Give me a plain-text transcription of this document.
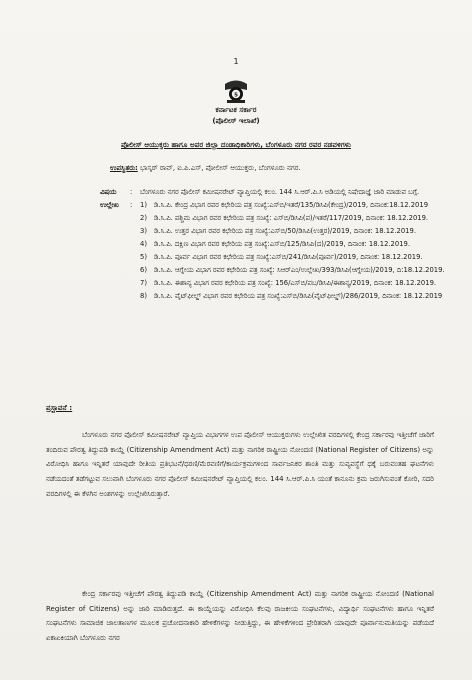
1
5
ಕರ್ನಾಟಕ ಸರ್ಕಾರ
(ಪೊಲೀಸ್ ಇಲಾಖೆ)
ಪೊಲೀಸ್ ಆಯುಕ್ತರು ಹಾಗೂ ಅಪರ ಜಿಲ್ಲಾ ದಂಡಾಧಿಕಾರಿಗಳು, ಬೆಂಗಳೂರು ನಗರ ರವರ ನಡವಳಿಗಳು
ಉಪಸ್ಥಿತರು: ಭಾಸ್ಕರ್ ರಾವ್, ಐ.ಪಿ.ಎಸ್, ಪೋಲೀಸ್ ಆಯುಕ್ತರು, ಬೆಂಗಳೂರು ನಗರ.
ವಿಷಯ	:	ಬೆಂಗಳೂರು ನಗರ ಪೊಲೀಸ್ ಕಮೀಷನರೇಟ್ ವ್ಯಾಪ್ತಿಯಲ್ಲಿ ಕಲಂ. 144 ಸಿ.ಆರ್.ಪಿ.ಸಿ ಅಡಿಯಲ್ಲಿ ನಿಷೇದಾಜ್ಞೆ ಜಾರಿ ಮಾಡುವ ಬಗ್ಗೆ.
ಉಲ್ಲೇಖ	:	1)	ಡಿ.ಸಿ.ಪಿ. ಕೇಂದ್ರ ವಿಭಾಗ ರವರ ಕಛೇರಿಯ ಪತ್ರ ಸಂಖ್ಯೆ:ಎಸ್‌ಬಿ/ಇತರೆ/135/ಡಿಸಿಪಿ(ಕೇಂದ್ರ)/2019, ದಿನಾಂಕ:18.12.2019
2)	ಡಿ.ಸಿ.ಪಿ. ಪಶ್ಚಿಮ ವಿಭಾಗ ರವರ ಕಛೇರಿಯ ಪತ್ರ ಸಂಖ್ಯೆ: ಎಸ್‌ಬಿ/ಡಿಸಿಪಿ(ಪ)/ಇತರೆ/117/2019, ದಿನಾಂಕ: 18.12.2019.
3)	ಡಿ.ಸಿ.ಪಿ. ಉತ್ತರ ವಿಭಾಗ ರವರ ಕಛೇರಿಯ ಪತ್ರ ಸಂಖ್ಯೆ:ಎಸ್‌ಬಿ/50/ಡಿಸಿಪಿ(ಉತ್ತರ)/2019, ದಿನಾಂಕ: 18.12.2019.
4)	ಡಿ.ಸಿ.ಪಿ. ದಕ್ಷಿಣ ವಿಭಾಗ ರವರ ಕಛೇರಿಯ ಪತ್ರ ಸಂಖ್ಯೆ:ಎಸ್‌ಬಿ/125/ಡಿಸಿಪಿ(ದ)/2019, ದಿನಾಂಕ: 18.12.2019.
5)	ಡಿ.ಸಿ.ಪಿ. ಪೂರ್ವ ವಿಭಾಗ ರವರ ಕಛೇರಿಯ ಪತ್ರ ಸಂಖ್ಯೆ:ಎಸ್‌ಬಿ/241/ಡಿಸಿಪಿ(ಪೂರ್ವ)/2019, ದಿನಾಂಕ: 18.12.2019.
6)	ಡಿ.ಸಿ.ಪಿ. ಆಗ್ನೇಯ ವಿಭಾಗ ರವರ ಕಛೇರಿಯ ಪತ್ರ ಸಂಖ್ಯೆ: ಸಿಆರ್‌ಎಂ/ಉಲ್ಲೇಖ/393/ಡಿಸಿಪಿ(ಆಗ್ನೇಯ)/2019, ದಿ:18.12.2019.
7)	ಡಿ.ಸಿ.ಪಿ. ಈಶಾನ್ಯ ವಿಭಾಗ ರವರ ಕಛೇರಿಯ ಪತ್ರ ಸಂಖ್ಯೆ: 156/ಎಸ್‌ಬಿ/ಪಬ/ಡಿಸಿಪಿ/ಈಶಾನ್ಯ/2019, ದಿನಾಂಕ: 18.12.2019.
8)	ಡಿ.ಸಿ.ಪಿ. ವೈಟ್‌ಫೀಲ್ಡ್ ವಿಭಾಗ ರವರ ಕಛೇರಿಯ ಪತ್ರ ಸಂಖ್ಯೆ:ಎಸ್‌ಬಿ/ಡಿಸಿಪಿ(ವೈಟ್‌ಫೀಲ್ಡ್)/286/2019, ದಿನಾಂಕ: 18.12.2019
ಪ್ರಸ್ತಾವನೆ :

ಬೆಂಗಳೂರು ನಗರ ಪೊಲೀಸ್ ಕಮೀಷನರೇಟ್ ವ್ಯಾಪ್ತಿಯ ವಿಭಾಗಗಳ ಉಪ ಪೊಲೀಸ್ ಆಯುಕ್ತರುಗಳು ಉಲ್ಲೇಖಿತ ವರದಿಗಳಲ್ಲಿ ಕೇಂದ್ರ ಸರ್ಕಾರವು ಇತ್ತೀಚೆಗೆ ಜಾರಿಗೆ ತಂದಿರುವ ಪೌರತ್ವ ತಿದ್ದುಪಡಿ ಕಾಯ್ದೆ (Citizenship Amendment Act) ಮತ್ತು ನಾಗರಿಕ ರಾಷ್ಟ್ರೀಯ ನೋಂದಣಿ (National Register of Citizens) ಅನ್ನು ವಿರೋಧಿಸಿ ಹಾಗೂ ಇನ್ನಿತರೆ ಯಾವುದೇ ರೀತಿಯ ಪ್ರತಿಭಟನೆ/ಧರಣಿ/ಮೆರವಣಿಗೆ/ಕಾರ್ಯಕ್ರಮಗಳಿಂದ ಸಾರ್ವಜನಿಕರ ಶಾಂತಿ ಮತ್ತು ಸುವ್ಯವಸ್ಥೆಗೆ ಧಕ್ಕೆ ಬರುವಂತಹ ಘಟನೆಗಳು ನಡೆಯದಂತೆ ತಡೆಗಟ್ಟುವ ಸಲುವಾಗಿ ಬೆಂಗಳೂರು ನಗರ ಪೊಲೀಸ್ ಕಮೀಷನರೇಟ್ ವ್ಯಾಪ್ತಿಯಲ್ಲಿ ಕಲಂ. 144 ಸಿ.ಆರ್.ಪಿ.ಸಿ ಯಂತೆ ಕಾನೂನು ಕ್ರಮ ಜರುಗಿಸುವಂತೆ ಕೋರಿ, ಸದರಿ ವರದಿಗಳಲ್ಲಿ ಈ ಕೆಳಗಿನ ಅಂಶಗಳನ್ನು ಉಲ್ಲೇಖಿಸಿರುತ್ತಾರೆ.

ಕೇಂದ್ರ ಸರ್ಕಾರವು ಇತ್ತೀಚೆಗೆ ಪೌರತ್ವ ತಿದ್ದುಪಡಿ ಕಾಯ್ದೆ (Citizenship Amendment Act) ಮತ್ತು ನಾಗರಿಕ ರಾಷ್ಟ್ರೀಯ ನೋಂದಣಿ (National Register of Citizens) ಅನ್ನು ಜಾರಿ ಮಾಡಿರುತ್ತದೆ. ಈ ಕಾಯ್ದೆಯನ್ನು ವಿರೋಧಿಸಿ ಕೆಲವು ರಾಜಕೀಯ ಸಂಘಟನೆಗಳು, ವಿದ್ಯಾರ್ಥಿ ಸಂಘಟನೆಗಳು ಹಾಗೂ ಇನ್ನಿತರೆ ಸಂಘಟನೆಗಳು ಸಾಮಾಜಿಕ ಜಾಲತಾಣಗಳ ಮೂಲಕ ಪ್ರಚೋದನಾಕಾರಿ ಹೇಳಿಕೆಗಳನ್ನು ನೀಡುತ್ತಿದ್ದು, ಈ ಹೇಳಿಕೆಗಳಿಂದ ಪ್ರೇರಿತರಾಗಿ ಯಾವುದೇ ಪೂರ್ವಾನುಮತಿಯನ್ನು ಪಡೆಯದೆ ಏಕಾಏಕಿಯಾಗಿ ಬೆಂಗಳೂರು ನಗರ
